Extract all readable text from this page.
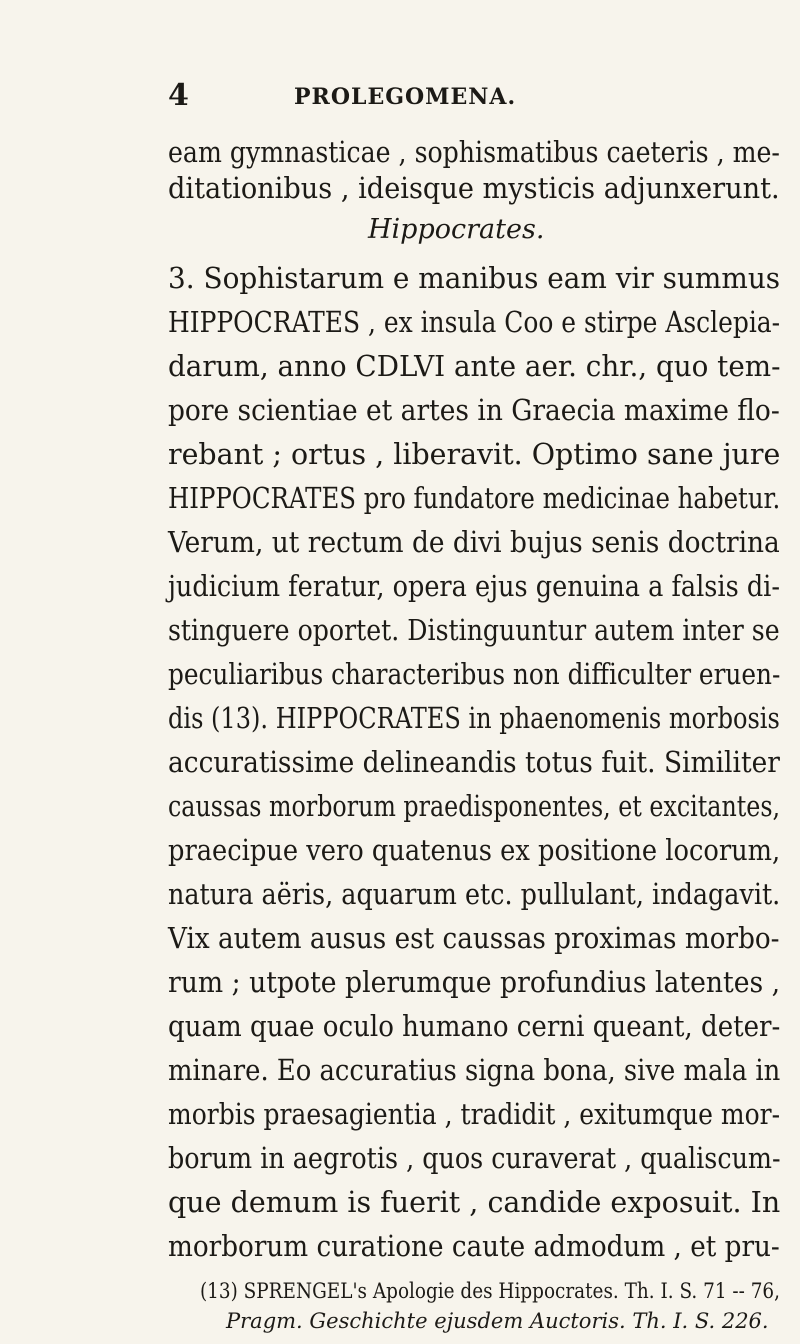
4	PROLEGOMENA.
eam gymnasticae , sophismatibus caeteris , me-
ditationibus , ideisque mysticis adjunxerunt.
Hippocrates.
3. Sophistarum e manibus eam vir summus
HIPPOCRATES , ex insula Coo e stirpe Asclepia-
darum, anno CDLVI ante aer. chr., quo tem-
pore scientiae et artes in Graecia maxime flo-
rebant ; ortus , liberavit. Optimo sane jure
HIPPOCRATES pro fundatore medicinae habetur.
Verum, ut rectum de divi bujus senis doctrina
judicium feratur, opera ejus genuina a falsis di-
stinguere oportet. Distinguuntur autem inter se
peculiaribus characteribus non difficulter eruen-
dis (13). HIPPOCRATES in phaenomenis morbosis
accuratissime delineandis totus fuit. Similiter
caussas morborum praedisponentes, et excitantes,
praecipue vero quatenus ex positione locorum,
natura aëris, aquarum etc. pullulant, indagavit.
Vix autem ausus est caussas proximas morbo-
rum ; utpote plerumque profundius latentes ,
quam quae oculo humano cerni queant, deter-
minare. Eo accuratius signa bona, sive mala in
morbis praesagientia , tradidit , exitumque mor-
borum in aegrotis , quos curaverat , qualiscum-
que demum is fuerit , candide exposuit. In
morborum curatione caute admodum , et pru-
(13) SPRENGEL's Apologie des Hippocrates. Th. I. S. 71 -- 76,
Pragm. Geschichte ejusdem Auctoris. Th. I. S. 226.
